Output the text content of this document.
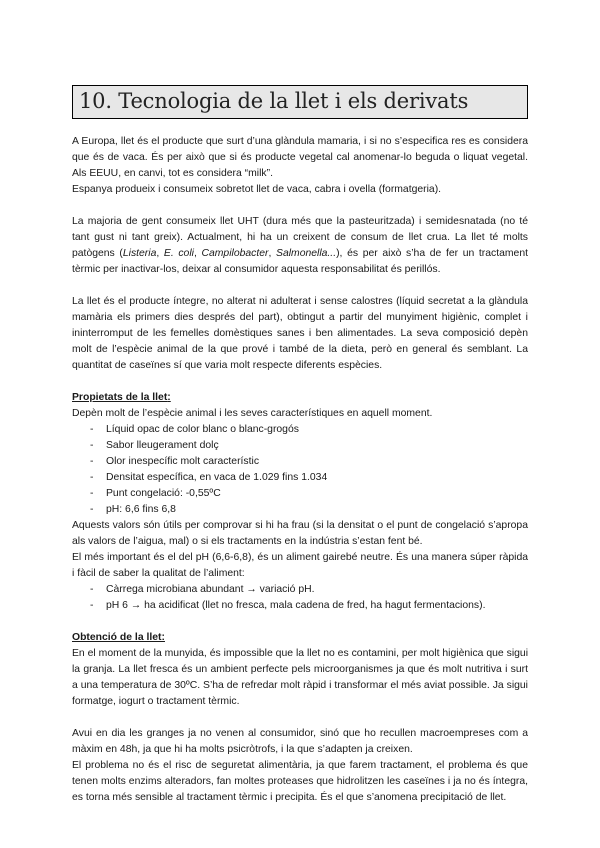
10. Tecnologia de la llet i els derivats

A Europa, llet és el producte que surt d’una glàndula mamaria, i si no s’especifica res es considera que és de vaca. És per això que si és producte vegetal cal anomenar-lo beguda o liquat vegetal. Als EEUU, en canvi, tot es considera “milk”.

Espanya produeix i consumeix sobretot llet de vaca, cabra i ovella (formatgeria).

La majoria de gent consumeix llet UHT (dura més que la pasteuritzada) i semidesnatada (no té tant gust ni tant greix). Actualment, hi ha un creixent de consum de llet crua. La llet té molts patògens (Listeria, E. coli, Campilobacter, Salmonella...), és per això s’ha de fer un tractament tèrmic per inactivar-los, deixar al consumidor aquesta responsabilitat és perillós.

La llet és el producte íntegre, no alterat ni adulterat i sense calostres (líquid secretat a la glàndula mamària els primers dies després del part), obtingut a partir del munyiment higiènic, complet i ininterromput de les femelles domèstiques sanes i ben alimentades. La seva composició depèn molt de l’espècie animal de la que prové i també de la dieta, però en general és semblant. La quantitat de caseïnes sí que varia molt respecte diferents espècies.

Propietats de la llet:

Depèn molt de l’espècie animal i les seves característiques en aquell moment.

- Líquid opac de color blanc o blanc-grogós
- Sabor lleugerament dolç
- Olor inespecífic molt característic
- Densitat específica, en vaca de 1.029 fins 1.034
- Punt congelació: -0,55ºC
- pH: 6,6 fins 6,8

Aquests valors són útils per comprovar si hi ha frau (si la densitat o el punt de congelació s’apropa als valors de l’aigua, mal) o si els tractaments en la indústria s’estan fent bé.

El més important és el del pH (6,6-6,8), és un aliment gairebé neutre. És una manera súper ràpida i fàcil de saber la qualitat de l’aliment:

- Càrrega microbiana abundant → variació pH.
- pH 6 → ha acidificat (llet no fresca, mala cadena de fred, ha hagut fermentacions).

Obtenció de la llet:

En el moment de la munyida, és impossible que la llet no es contamini, per molt higiènica que sigui la granja. La llet fresca és un ambient perfecte pels microorganismes ja que és molt nutritiva i surt a una temperatura de 30ºC. S’ha de refredar molt ràpid i transformar el més aviat possible. Ja sigui formatge, iogurt o tractament tèrmic.

Avui en dia les granges ja no venen al consumidor, sinó que ho recullen macroempreses com a màxim en 48h, ja que hi ha molts psicròtrofs, i la que s’adapten ja creixen.

El problema no és el risc de seguretat alimentària, ja que farem tractament, el problema és que tenen molts enzims alteradors, fan moltes proteases que hidrolitzen les caseïnes i ja no és íntegra, es torna més sensible al tractament tèrmic i precipita. És el que s’anomena precipitació de llet.
